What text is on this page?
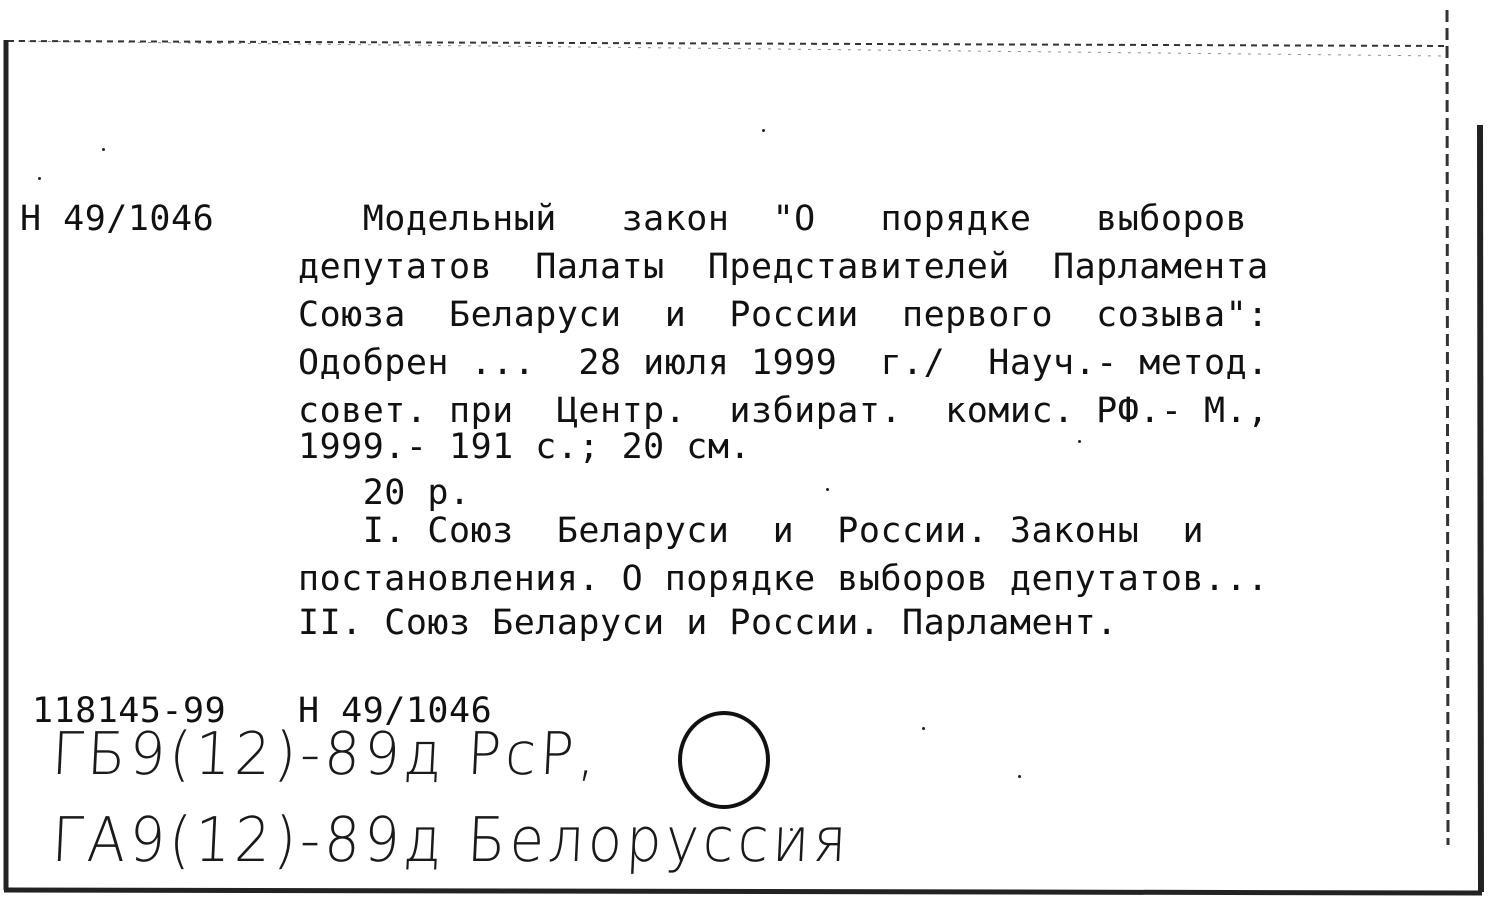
Н 49/1046 Модельный   закон  "О   порядке   выборов
депутатов  Палаты  Представителей  Парламента
Союза  Беларуси  и  России  первого  созыва":
Одобрен ...  28 июля 1999  г./  Науч.- метод.
совет. при  Центр.  избират.  комис. РФ.- М.,
1999.- 191 с.; 20 см.
20 р.
I. Союз  Беларуси  и  России. Законы  и
постановления. О порядке выборов депутатов...
II. Союз Беларуси и России. Парламент.
118145-99 Н 49/1046
ГБ9(12)-89д РсР,
ГА9(12)-89д Белоруссия
